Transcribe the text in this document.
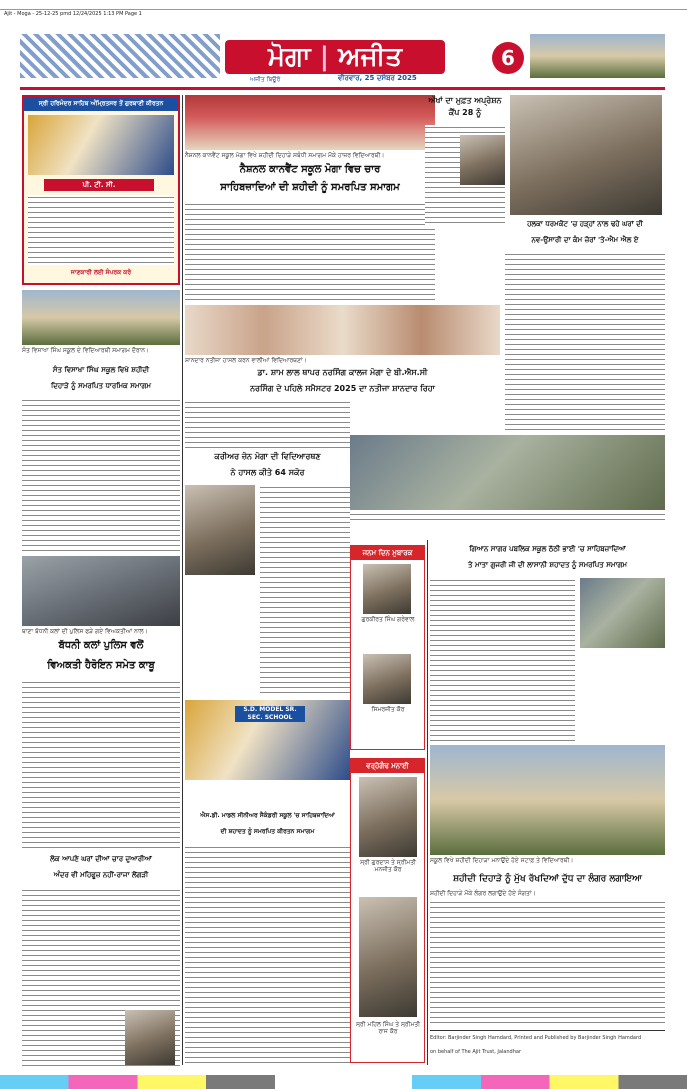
Ajit - Moga - 25-12-25 pmd 12/24/2025 1:13 PM Page 1
ਮੋਗਾ | ਅਜੀਤ
ਅਜੀਤ ਬਿਊਰੋ	ਵੀਰਵਾਰ, 25 ਦਸੰਬਰ 2025
6
ਸ੍ਰੀ ਹਰਿਮੰਦਰ ਸਾਹਿਬ ਅੰਮ੍ਰਿਤਸਰ ਤੋਂ ਗੁਰਬਾਣੀ ਕੀਰਤਨ
ਪੀ. ਟੀ. ਸੀ.
ਜਾਣਕਾਰੀ ਲਈ ਸੰਪਰਕ ਕਰੋ
ਨੈਸ਼ਨਲ ਕਾਨਵੈਂਟ ਸਕੂਲ ਮੋਗਾ ਵਿਖੇ ਸ਼ਹੀਦੀ ਦਿਹਾੜੇ ਸਬੰਧੀ ਸਮਾਗਮ ਮੌਕੇ ਹਾਜ਼ਰ ਵਿਦਿਆਰਥੀ।
ਨੈਸ਼ਨਲ ਕਾਨਵੈਂਟ ਸਕੂਲ ਮੋਗਾ ਵਿਚ ਚਾਰ
ਸਾਹਿਬਜ਼ਾਦਿਆਂ ਦੀ ਸ਼ਹੀਦੀ ਨੂੰ ਸਮਰਪਿਤ ਸਮਾਗਮ
ਅੱਖਾਂ ਦਾ ਮੁਫ਼ਤ ਅਪ੍ਰੇਸ਼ਨ ਕੈਂਪ 28 ਨੂੰ
ਹਲਕਾ ਧਰਮਕੋਟ 'ਚ ਹੜ੍ਹਾਂ ਨਾਲ ਢਹੇ ਘਰਾਂ ਦੀ
ਨਵ-ਉਸਾਰੀ ਦਾ ਕੰਮ ਜ਼ੋਰਾਂ 'ਤੇ-ਐਮ ਐਲ ਏ
ਸੰਤ ਵਿਸਾਖਾ ਸਿੰਘ ਸਕੂਲ ਦੇ ਵਿਦਿਆਰਥੀ ਸਮਾਗਮ ਦੌਰਾਨ।
ਸੰਤ ਵਿਸਾਖਾ ਸਿੰਘ ਸਕੂਲ ਵਿਖੇ ਸ਼ਹੀਦੀ
ਦਿਹਾੜੇ ਨੂੰ ਸਮਰਪਿਤ ਧਾਰਮਿਕ ਸਮਾਗਮ
ਸ਼ਾਨਦਾਰ ਨਤੀਜਾ ਹਾਸਲ ਕਰਨ ਵਾਲੀਆਂ ਵਿਦਿਆਰਥਣਾਂ।
ਡਾ. ਸ਼ਾਮ ਲਾਲ ਥਾਪਰ ਨਰਸਿੰਗ ਕਾਲਜ ਮੋਗਾ ਦੇ ਬੀ.ਐਸ.ਸੀ
ਨਰਸਿੰਗ ਦੇ ਪਹਿਲੇ ਸਮੈਸਟਰ 2025 ਦਾ ਨਤੀਜਾ ਸ਼ਾਨਦਾਰ ਰਿਹਾ
ਕਰੀਅਰ ਜ਼ੋਨ ਮੋਗਾ ਦੀ ਵਿਦਿਆਰਥਣ
ਨੇ ਹਾਸਲ ਕੀਤੇ 64 ਸਕੋਰ
ਥਾਣਾ ਬੱਧਨੀ ਕਲਾਂ ਦੀ ਪੁਲਿਸ ਫੜੇ ਗਏ ਵਿਅਕਤੀਆਂ ਨਾਲ।
ਬੱਧਨੀ ਕਲਾਂ ਪੁਲਿਸ ਵਲੋਂ
ਵਿਅਕਤੀ ਹੈਰੋਇਨ ਸਮੇਤ ਕਾਬੂ
ਲੋਕ ਆਪਣੇ ਘਰਾਂ ਦੀਆਂ ਚਾਰ ਦੁਆਰੀਆਂ
ਅੰਦਰ ਵੀ ਮਹਿਫੂਜ਼ ਨਹੀਂ-ਰਾਜਾ ਲੋਂਗੜੀ
ਜਨਮ ਦਿਨ ਮੁਬਾਰਕ
ਗੁਰਕੀਰਤ ਸਿੰਘ ਗਰੇਵਾਲ
ਸਿਮਰਜੀਤ ਕੌਰ
S.D. MODEL SR. SEC. SCHOOL
ਐਸ.ਡੀ. ਮਾਡਲ ਸੀਨੀਅਰ ਸੈਕੰਡਰੀ ਸਕੂਲ 'ਚ ਸਾਹਿਬਜ਼ਾਦਿਆਂ
ਦੀ ਸ਼ਹਾਦਤ ਨੂੰ ਸਮਰਪਿਤ ਕੀਰਤਨ ਸਮਾਗਮ
ਵਰ੍ਹੇਗੰਢ ਮਨਾਈ
ਸ੍ਰੀ ਗੁਰਦਾਸ ਤੇ ਸ੍ਰੀਮਤੀ ਮਨਜੀਤ ਕੌਰ
ਸ੍ਰੀ ਮਹਿਲ ਸਿੰਘ ਤੇ ਸ੍ਰੀਮਤੀ ਰਾਜ ਕੌਰ
ਗਿਆਨ ਸਾਗਰ ਪਬਲਿਕ ਸਕੂਲ ਠੱਠੀ ਭਾਈ 'ਚ ਸਾਹਿਬਜ਼ਾਦਿਆਂ
ਤੇ ਮਾਤਾ ਗੁਜਰੀ ਜੀ ਦੀ ਲਾਸਾਨੀ ਸ਼ਹਾਦਤ ਨੂੰ ਸਮਰਪਿਤ ਸਮਾਗਮ
ਸਕੂਲ ਵਿਖੇ ਸ਼ਹੀਦੀ ਦਿਹਾੜਾ ਮਨਾਉਂਦੇ ਹੋਏ ਸਟਾਫ਼ ਤੇ ਵਿਦਿਆਰਥੀ।
ਸ਼ਹੀਦੀ ਦਿਹਾੜੇ ਨੂੰ ਮੁੱਖ ਰੱਖਦਿਆਂ ਦੁੱਧ ਦਾ ਲੰਗਰ ਲਗਾਇਆ
ਸ਼ਹੀਦੀ ਦਿਹਾੜੇ ਮੌਕੇ ਲੰਗਰ ਲਗਾਉਂਦੇ ਹੋਏ ਸੰਗਤਾਂ।
Editor: Barjinder Singh Hamdard, Printed and Published by Barjinder Singh Hamdard
on behalf of The Ajit Trust, Jalandhar
